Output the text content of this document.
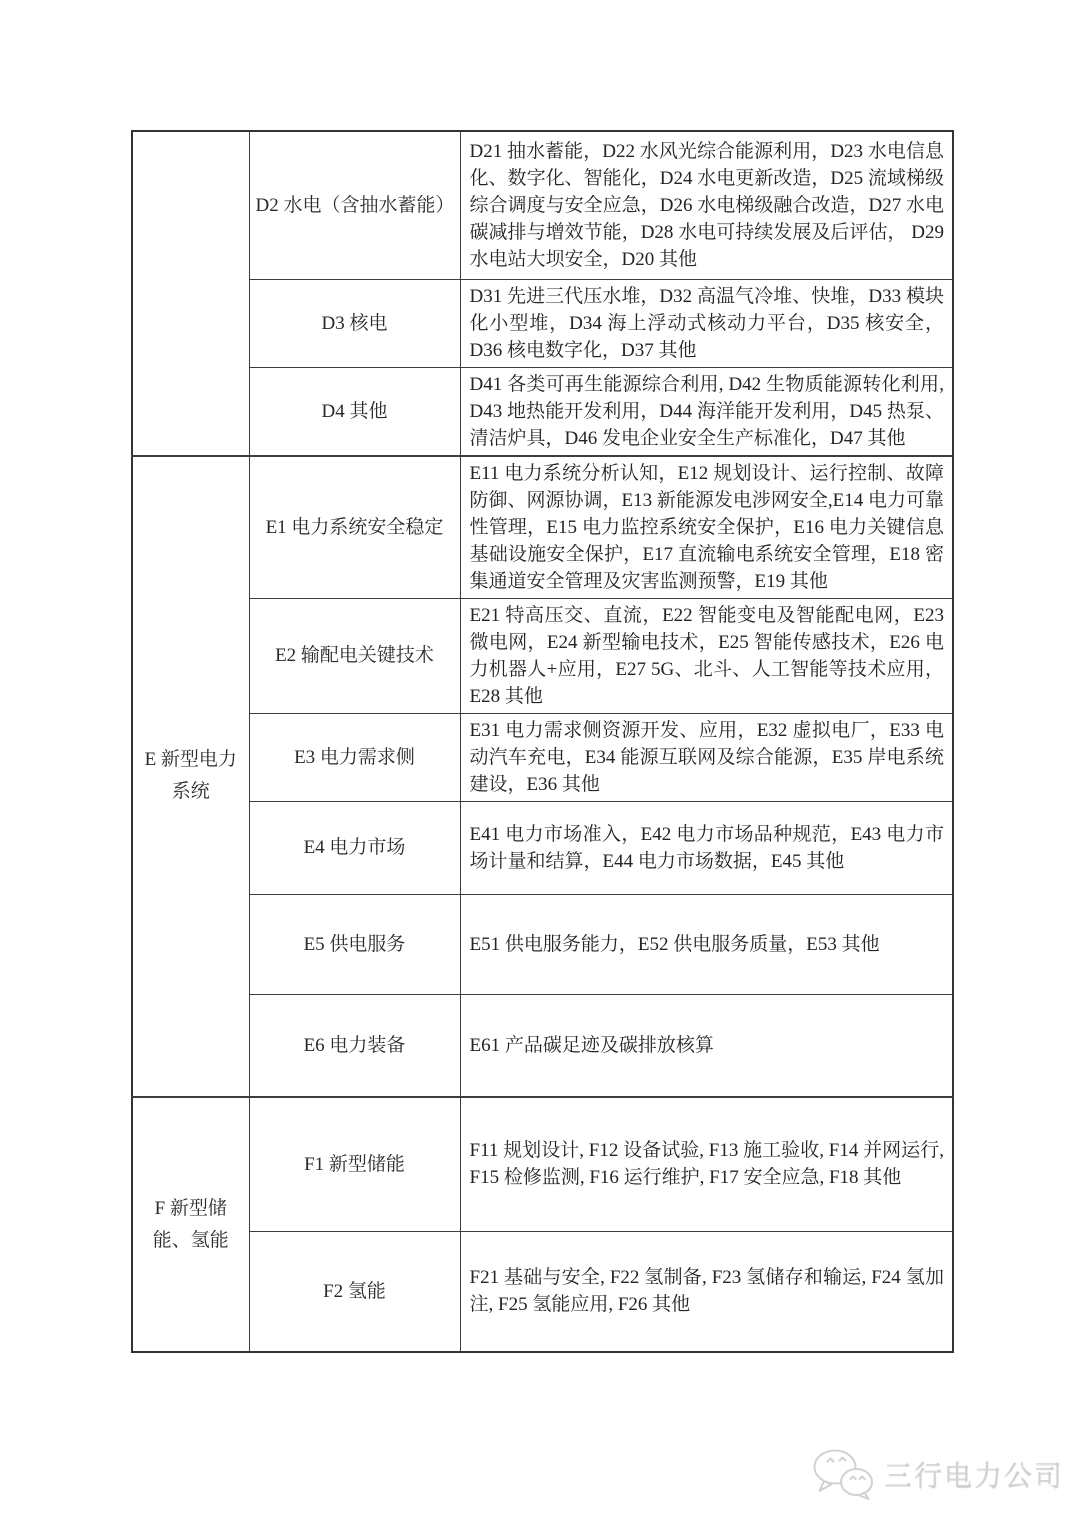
	D2 水电（含抽水蓄能）	D21 抽水蓄能，D22 水风光综合能源利用，D23 水电信息化、数字化、智能化，D24 水电更新改造，D25 流域梯级综合调度与安全应急，D26 水电梯级融合改造，D27 水电碳减排与增效节能，D28 水电可持续发展及后评估， D29 水电站大坝安全，D20 其他
	D3 核电	D31 先进三代压水堆，D32 高温气冷堆、快堆，D33 模块化小型堆，D34 海上浮动式核动力平台，D35 核安全，D36 核电数字化，D37 其他
	D4 其他	D41 各类可再生能源综合利用, D42 生物质能源转化利用, D43 地热能开发利用，D44 海洋能开发利用，D45 热泵、清洁炉具，D46 发电企业安全生产标准化，D47 其他
E 新型电力系统	E1 电力系统安全稳定	E11 电力系统分析认知，E12 规划设计、运行控制、故障防御、网源协调，E13 新能源发电涉网安全,E14 电力可靠性管理，E15 电力监控系统安全保护，E16 电力关键信息基础设施安全保护，E17 直流输电系统安全管理，E18 密集通道安全管理及灾害监测预警，E19 其他
	E2 输配电关键技术	E21 特高压交、直流，E22 智能变电及智能配电网，E23 微电网，E24 新型输电技术，E25 智能传感技术，E26 电力机器人+应用，E27 5G、北斗、人工智能等技术应用，E28 其他
	E3 电力需求侧	E31 电力需求侧资源开发、应用，E32 虚拟电厂，E33 电动汽车充电，E34 能源互联网及综合能源，E35 岸电系统建设，E36 其他
	E4 电力市场	E41 电力市场准入，E42 电力市场品种规范，E43 电力市场计量和结算，E44 电力市场数据，E45 其他
	E5 供电服务	E51 供电服务能力，E52 供电服务质量，E53 其他
	E6 电力装备	E61 产品碳足迹及碳排放核算
F 新型储能、氢能	F1 新型储能	F11 规划设计, F12 设备试验, F13 施工验收, F14 并网运行, F15 检修监测, F16 运行维护, F17 安全应急, F18 其他
	F2 氢能	F21 基础与安全, F22 氢制备, F23 氢储存和输运, F24 氢加注, F25 氢能应用, F26 其他
三行电力公司
